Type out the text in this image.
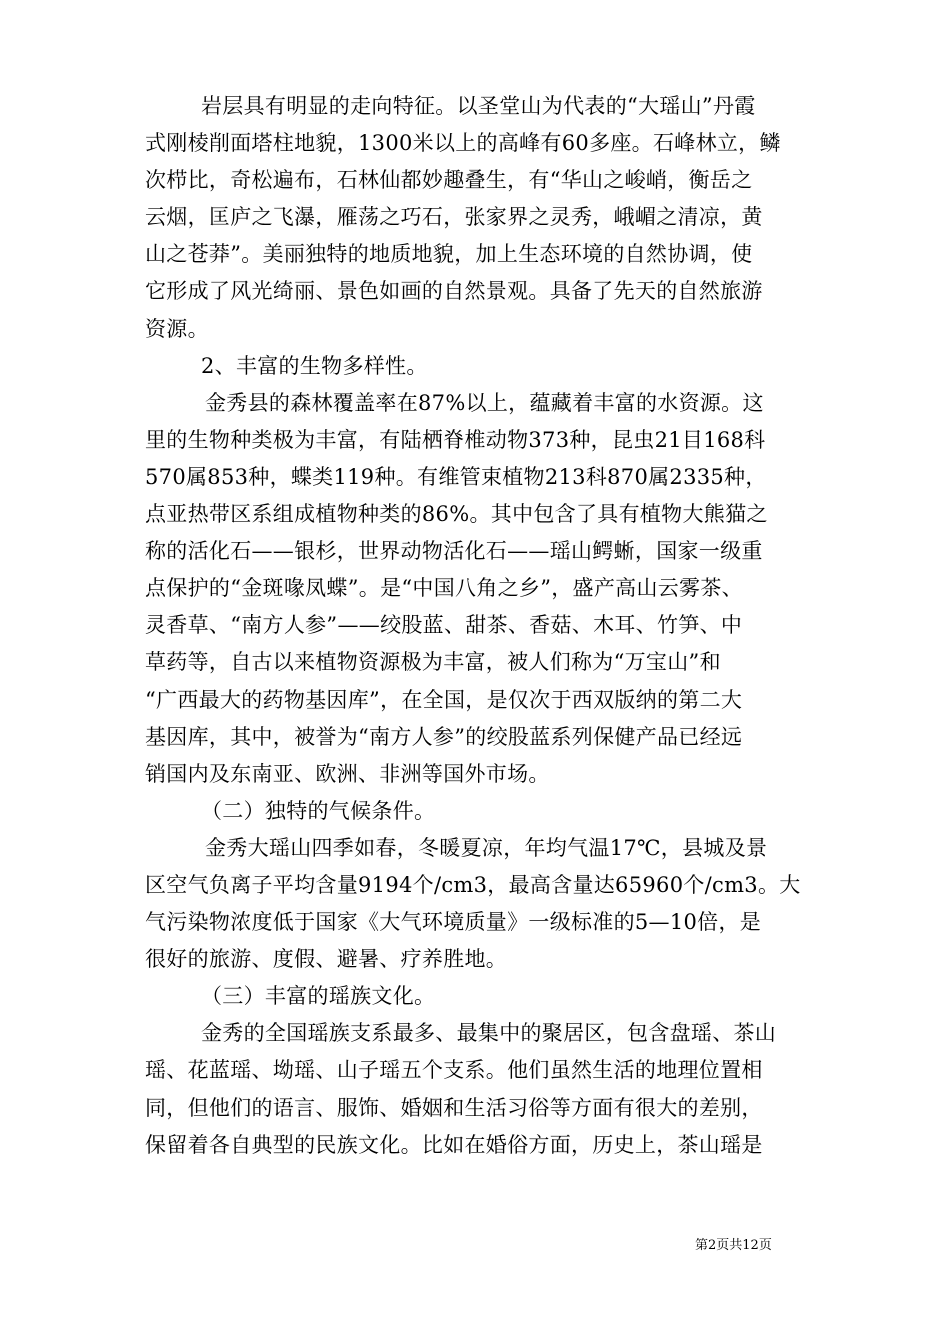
岩层具有明显的走向特征。以圣堂山为代表的“大瑶山”丹霞
式刚棱削面塔柱地貌，1300米以上的高峰有60多座。石峰林立，鳞
次栉比，奇松遍布，石林仙都妙趣叠生，有“华山之峻峭，衡岳之
云烟，匡庐之飞瀑，雁荡之巧石，张家界之灵秀，峨嵋之清凉，黄
山之苍莽”。美丽独特的地质地貌，加上生态环境的自然协调，使
它形成了风光绮丽、景色如画的自然景观。具备了先天的自然旅游
资源。
2、丰富的生物多样性。
金秀县的森林覆盖率在87%以上，蕴藏着丰富的水资源。这
里的生物种类极为丰富，有陆栖脊椎动物373种，昆虫21目168科
570属853种，蝶类119种。有维管束植物213科870属2335种，
点亚热带区系组成植物种类的86%。其中包含了具有植物大熊猫之
称的活化石——银杉，世界动物活化石——瑶山鳄蜥，国家一级重
点保护的“金斑喙凤蝶”。是“中国八角之乡”，盛产高山云雾茶、
灵香草、“南方人参”——绞股蓝、甜茶、香菇、木耳、竹笋、中
草药等，自古以来植物资源极为丰富，被人们称为“万宝山”和
“广西最大的药物基因库”，在全国，是仅次于西双版纳的第二大
基因库，其中，被誉为“南方人参”的绞股蓝系列保健产品已经远
销国内及东南亚、欧洲、非洲等国外市场。
（二）独特的气候条件。
金秀大瑶山四季如春，冬暖夏凉，年均气温17℃，县城及景
区空气负离子平均含量9194个/cm3，最高含量达65960个/cm3。大
气污染物浓度低于国家《大气环境质量》一级标准的5—10倍，是
很好的旅游、度假、避暑、疗养胜地。
（三）丰富的瑶族文化。
金秀的全国瑶族支系最多、最集中的聚居区，包含盘瑶、茶山
瑶、花蓝瑶、坳瑶、山子瑶五个支系。他们虽然生活的地理位置相
同，但他们的语言、服饰、婚姻和生活习俗等方面有很大的差别，
保留着各自典型的民族文化。比如在婚俗方面，历史上，茶山瑶是
第2页共12页
